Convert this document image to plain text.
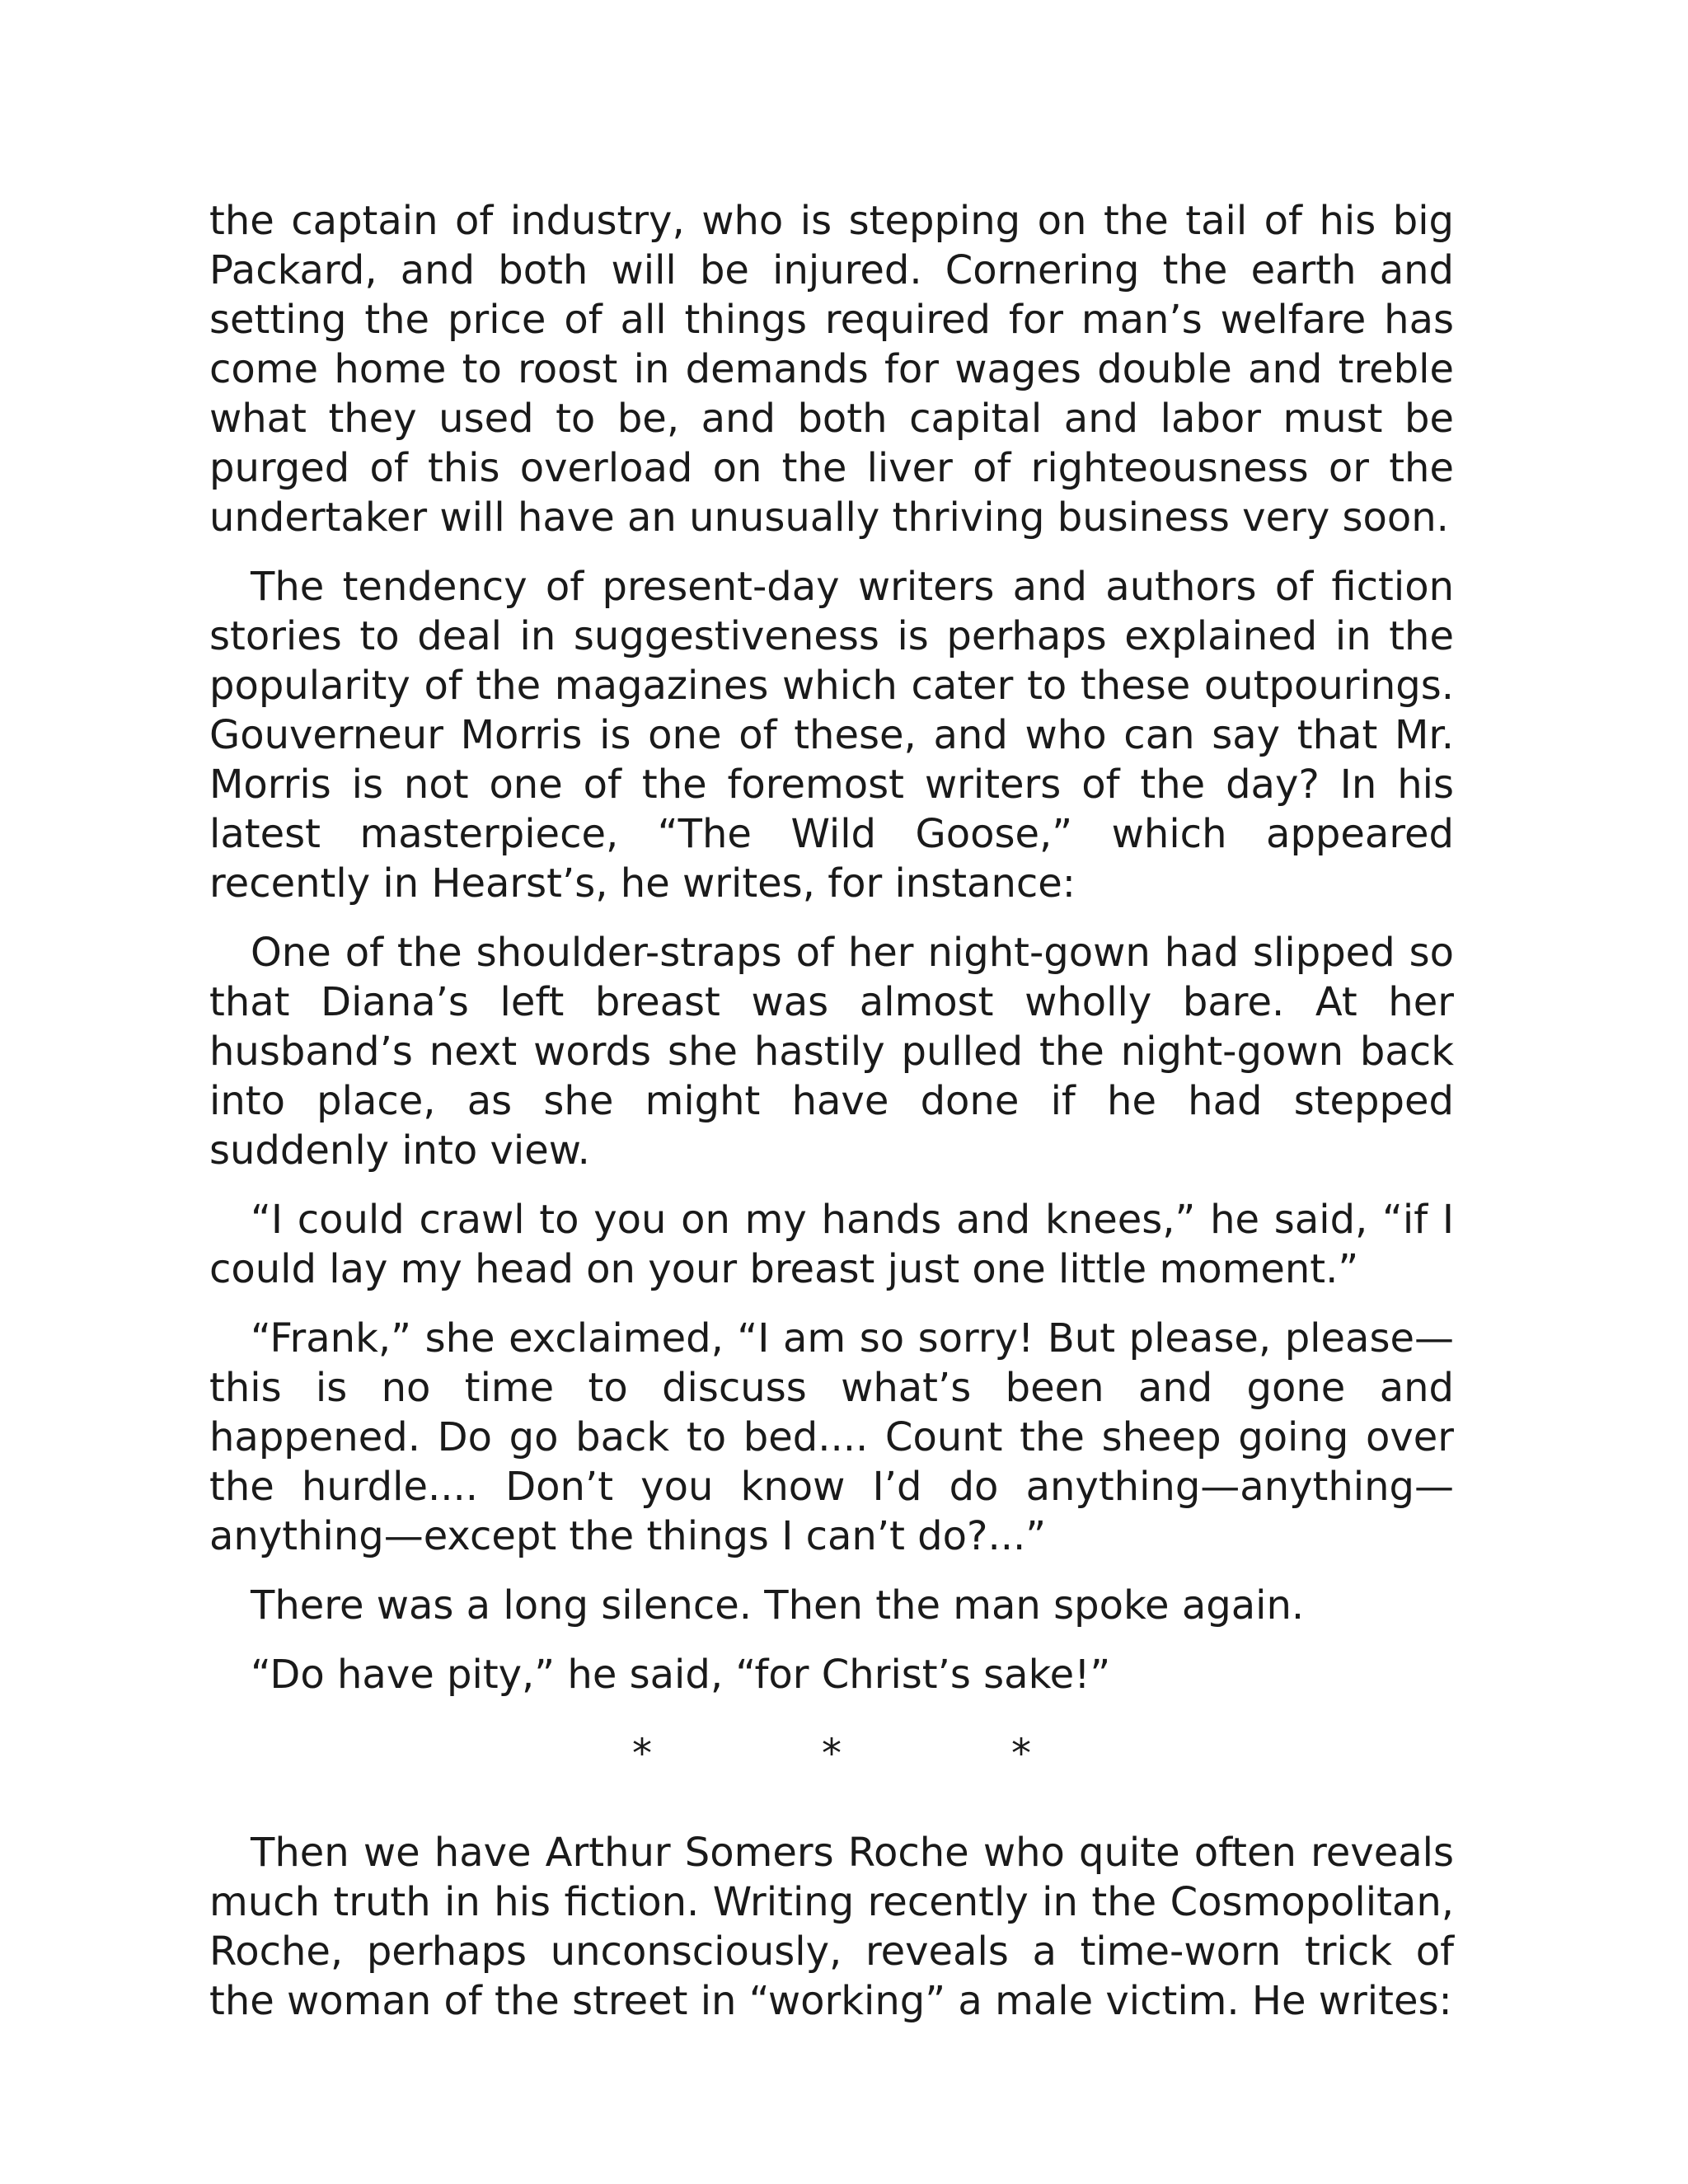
the captain of industry, who is stepping on the tail of his big Packard, and both will be injured. Cornering the earth and setting the price of all things required for man’s welfare has come home to roost in demands for wages double and treble what they used to be, and both capital and labor must be purged of this overload on the liver of righteousness or the undertaker will have an unusually thriving business very soon.

The tendency of present-day writers and authors of fiction stories to deal in suggestiveness is perhaps explained in the popularity of the magazines which cater to these outpourings. Gouverneur Morris is one of these, and who can say that Mr. Morris is not one of the foremost writers of the day? In his latest masterpiece, “The Wild Goose,” which appeared recently in Hearst’s, he writes, for instance:

One of the shoulder-straps of her night-gown had slipped so that Diana’s left breast was almost wholly bare. At her husband’s next words she hastily pulled the night-gown back into place, as she might have done if he had stepped suddenly into view.

“I could crawl to you on my hands and knees,” he said, “if I could lay my head on your breast just one little moment.”

“Frank,” she exclaimed, “I am so sorry! But please, please—this is no time to discuss what’s been and gone and happened. Do go back to bed.... Count the sheep going over the hurdle.... Don’t you know I’d do anything—anything—anything—except the things I can’t do?...”

There was a long silence. Then the man spoke again.

“Do have pity,” he said, “for Christ’s sake!”

*	*	*

Then we have Arthur Somers Roche who quite often reveals much truth in his fiction. Writing recently in the Cosmopolitan, Roche, perhaps unconsciously, reveals a time-worn trick of the woman of the street in “working” a male victim. He writes:
